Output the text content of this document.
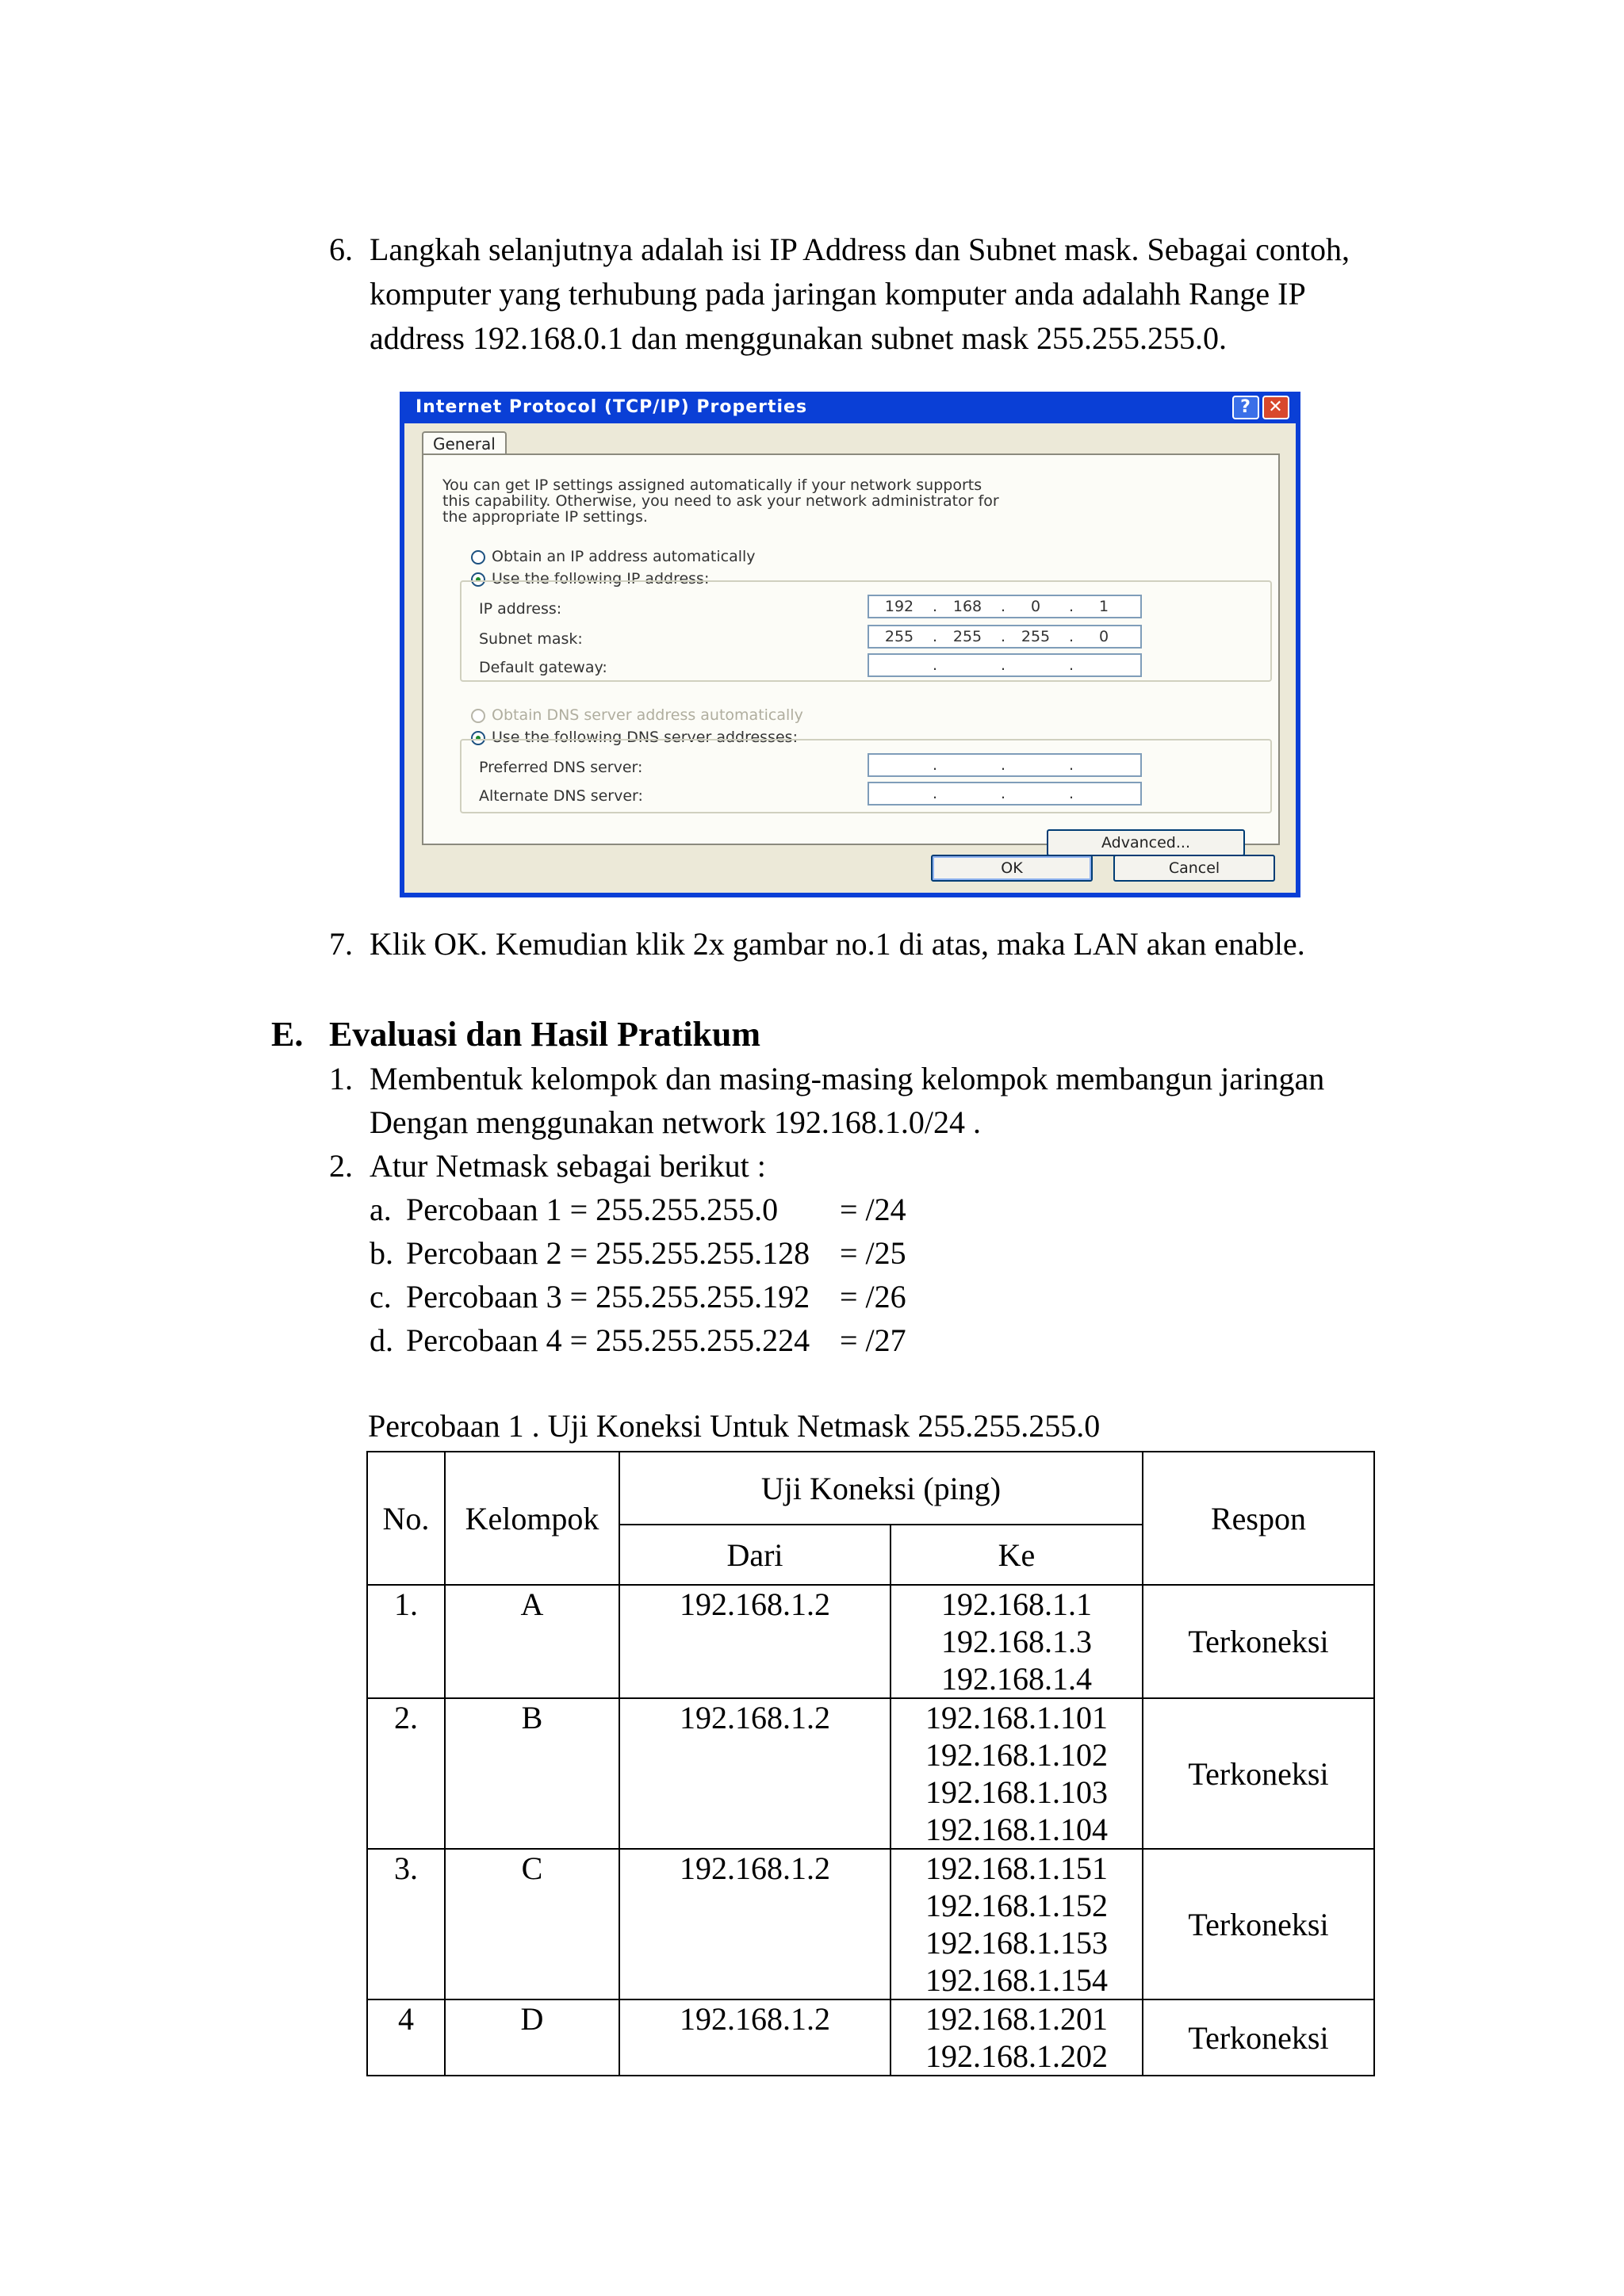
6. Langkah selanjutnya adalah isi IP Address dan Subnet mask. Sebagai contoh,
komputer yang terhubung pada jaringan komputer anda adalahh Range IP
address 192.168.0.1 dan menggunakan subnet mask 255.255.255.0.
Internet Protocol (TCP/IP) Properties	? ✕
General
You can get IP settings assigned automatically if your network supports
this capability. Otherwise, you need to ask your network administrator for
the appropriate IP settings.
Obtain an IP address automatically
Use the following IP address:
IP address:	192	.	168	.	0	.	1
Subnet mask:	255	.	255	.	255	.	0
Default gateway:	.	.	.
Obtain DNS server address automatically
Use the following DNS server addresses:
Preferred DNS server:	.	.	.
Alternate DNS server:	.	.	.
Advanced...
OK	Cancel
7. Klik OK. Kemudian klik 2x gambar no.1 di atas, maka LAN akan enable.
E. Evaluasi dan Hasil Pratikum
1. Membentuk kelompok dan masing-masing kelompok membangun jaringan
Dengan menggunakan network 192.168.1.0/24 .
2. Atur Netmask sebagai berikut :
a. Percobaan 1 = 255.255.255.0 = /24
b. Percobaan 2 = 255.255.255.128 = /25
c. Percobaan 3 = 255.255.255.192 = /26
d. Percobaan 4 = 255.255.255.224 = /27
Percobaan 1 . Uji Koneksi Untuk Netmask 255.255.255.0
No.	Kelompok	Uji Koneksi (ping)		Respon
		Dari	Ke	
1.	A	192.168.1.2	192.168.1.1
192.168.1.3
192.168.1.4	Terkoneksi
2.	B	192.168.1.2	192.168.1.101
192.168.1.102
192.168.1.103
192.168.1.104	Terkoneksi
3.	C	192.168.1.2	192.168.1.151
192.168.1.152
192.168.1.153
192.168.1.154	Terkoneksi
4	D	192.168.1.2	192.168.1.201
192.168.1.202	Terkoneksi
